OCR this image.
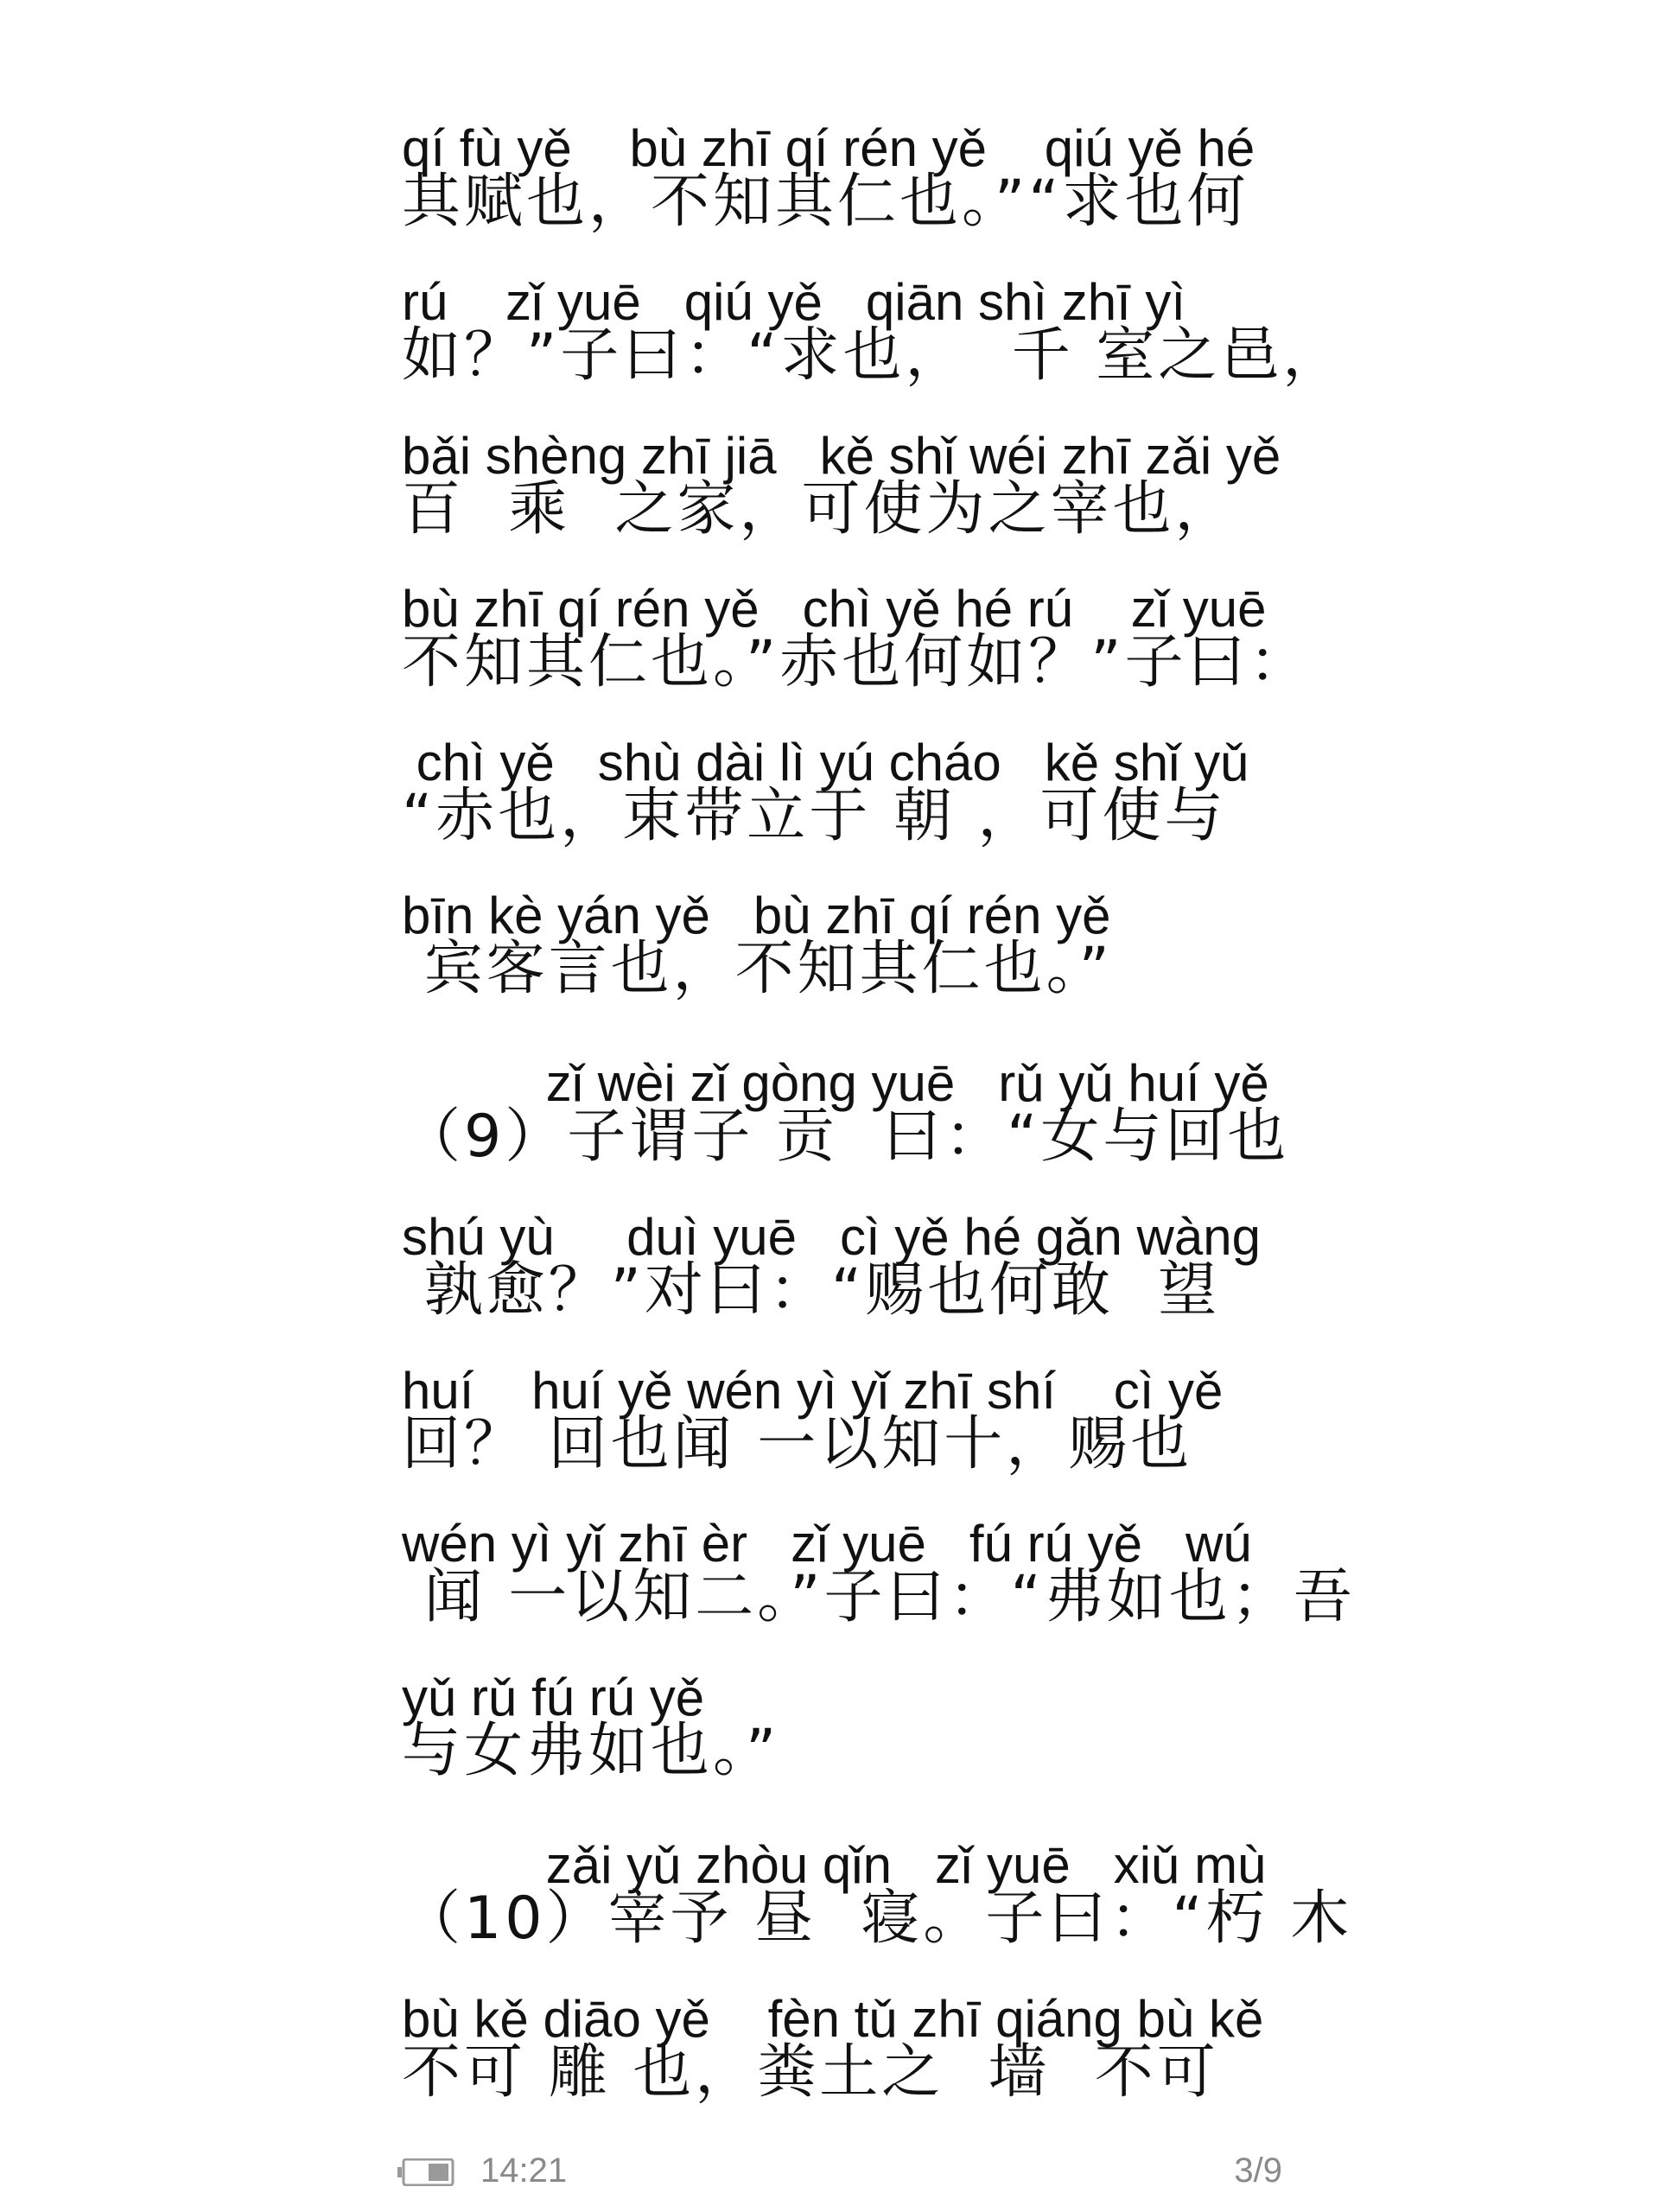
qí fù yě    bù zhī qí rén yě    qiú yě hé
其赋也，不知其仁也。”“求也何
rú    zǐ yuē   qiú yě   qiān shì zhī yì
如？”子曰：“求也，  千 室之邑，
bǎi shèng zhī jiā   kě shǐ wéi zhī zǎi yě
百  乘  之家，可使为之宰也，
bù zhī qí rén yě   chì yě hé rú    zǐ yuē
不知其仁也。”赤也何如？”子曰：
chì yě   shù dài lì yú cháo   kě shǐ yǔ
“赤也，束带立于 朝 ，可使与
bīn kè yán yě   bù zhī qí rén yě
宾客言也，不知其仁也。”
zǐ wèi zǐ gòng yuē   rǔ yǔ huí yě
（9）子谓子 贡  曰：“女与回也
shú yù     duì yuē   cì yě hé gǎn wàng
孰愈？”对曰：“赐也何敢  望
huí    huí yě wén yì yǐ zhī shí    cì yě
回？ 回也闻 一以知十，赐也
wén yì yǐ zhī èr   zǐ yuē   fú rú yě   wú
闻 一以知二。”子曰：“弗如也；吾
yǔ rǔ fú rú yě
与女弗如也。”
zǎi yǔ zhòu qǐn   zǐ yuē   xiǔ mù
（10）宰予 昼  寝。子曰：“朽 木
bù kě diāo yě    fèn tǔ zhī qiáng bù kě
不可 雕 也，粪土之  墙  不可
14:21	3/9
